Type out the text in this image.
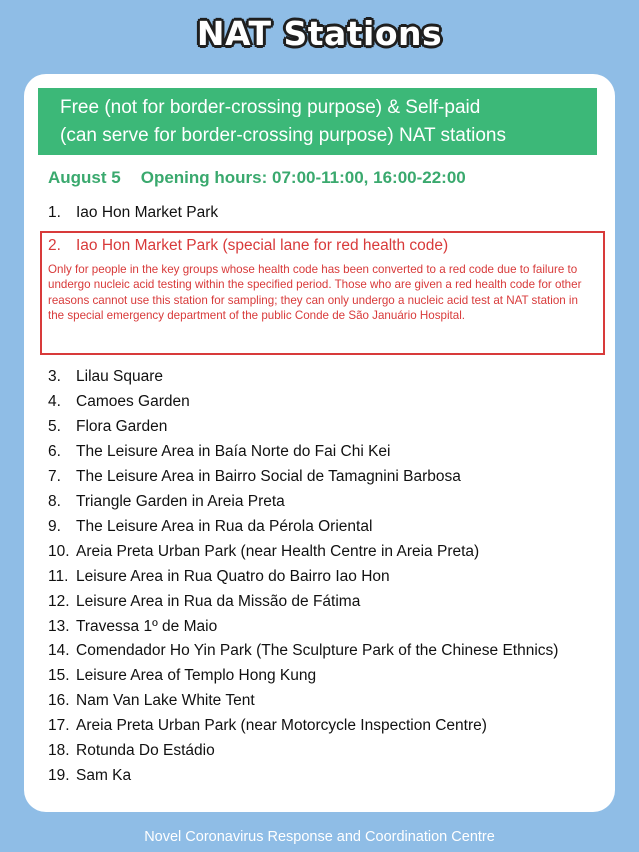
NAT Stations
Free (not for border-crossing purpose) & Self-paid
(can serve for border-crossing purpose) NAT stations
August 5 Opening hours: 07:00-11:00, 16:00-22:00
1. Iao Hon Market Park
2. Iao Hon Market Park (special lane for red health code)
Only for people in the key groups whose health code has been converted to a red code due to failure to undergo nucleic acid testing within the specified period. Those who are given a red health code for other reasons cannot use this station for sampling; they can only undergo a nucleic acid test at NAT station in the special emergency department of the public Conde de São Januário Hospital.
3. Lilau Square
4. Camoes Garden
5. Flora Garden
6. The Leisure Area in Baía Norte do Fai Chi Kei
7. The Leisure Area in Bairro Social de Tamagnini Barbosa
8. Triangle Garden in Areia Preta
9. The Leisure Area in Rua da Pérola Oriental
10. Areia Preta Urban Park (near Health Centre in Areia Preta)
11. Leisure Area in Rua Quatro do Bairro Iao Hon
12. Leisure Area in Rua da Missão de Fátima
13. Travessa 1º de Maio
14. Comendador Ho Yin Park (The Sculpture Park of the Chinese Ethnics)
15. Leisure Area of Templo Hong Kung
16. Nam Van Lake White Tent
17. Areia Preta Urban Park (near Motorcycle Inspection Centre)
18. Rotunda Do Estádio
19. Sam Ka
Novel Coronavirus Response and Coordination Centre
